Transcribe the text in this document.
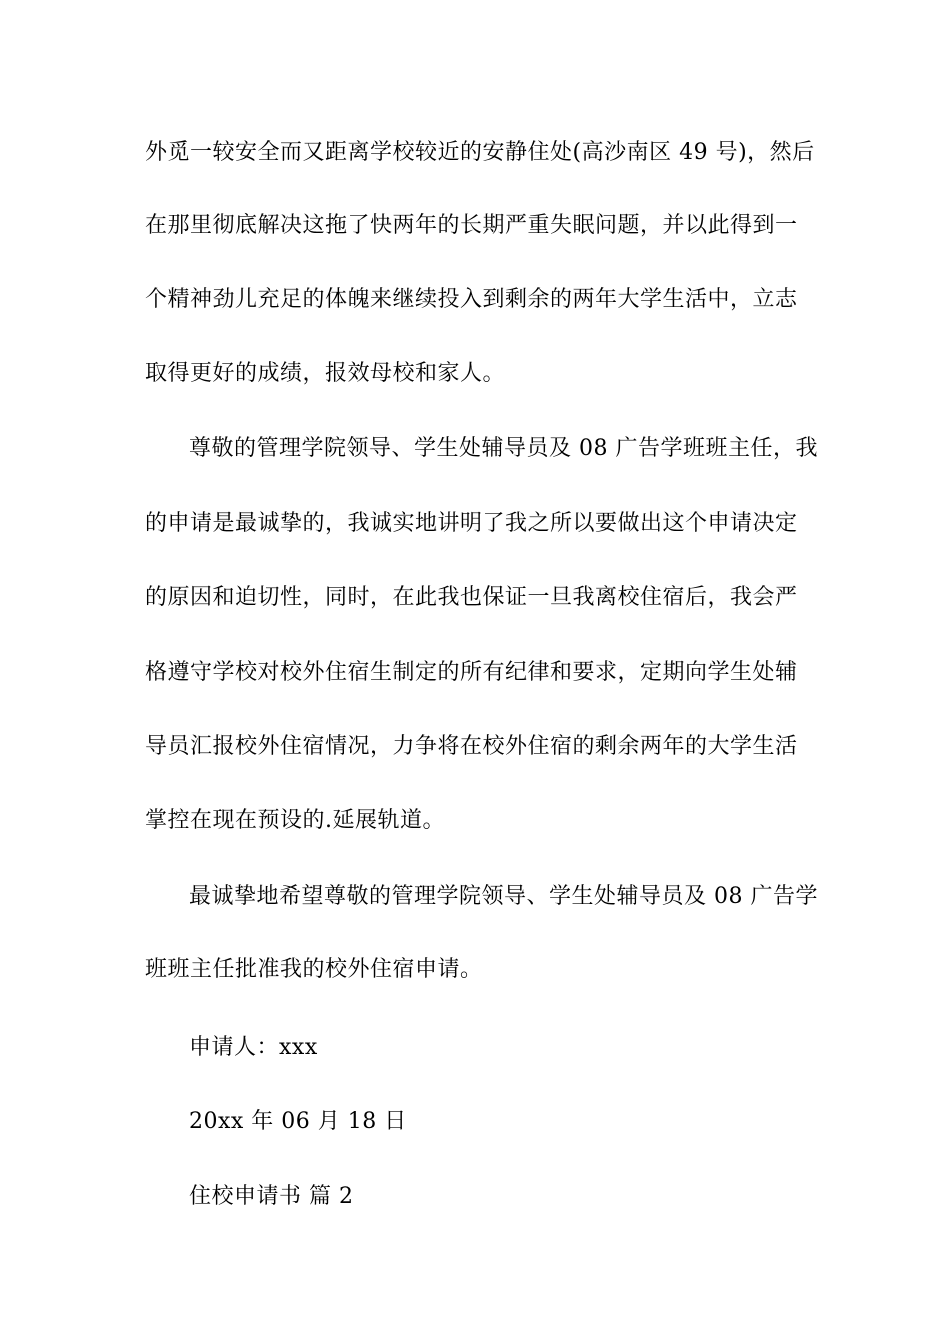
外觅一较安全而又距离学校较近的安静住处(高沙南区 49 号)，然后
在那里彻底解决这拖了快两年的长期严重失眠问题，并以此得到一
个精神劲儿充足的体魄来继续投入到剩余的两年大学生活中，立志
取得更好的成绩，报效母校和家人。
尊敬的管理学院领导、学生处辅导员及 08 广告学班班主任，我
的申请是最诚挚的，我诚实地讲明了我之所以要做出这个申请决定
的原因和迫切性，同时，在此我也保证一旦我离校住宿后，我会严
格遵守学校对校外住宿生制定的所有纪律和要求，定期向学生处辅
导员汇报校外住宿情况，力争将在校外住宿的剩余两年的大学生活
掌控在现在预设的.延展轨道。
最诚挚地希望尊敬的管理学院领导、学生处辅导员及 08 广告学
班班主任批准我的校外住宿申请。
申请人：xxx
20xx 年 06 月 18 日
住校申请书 篇 2
